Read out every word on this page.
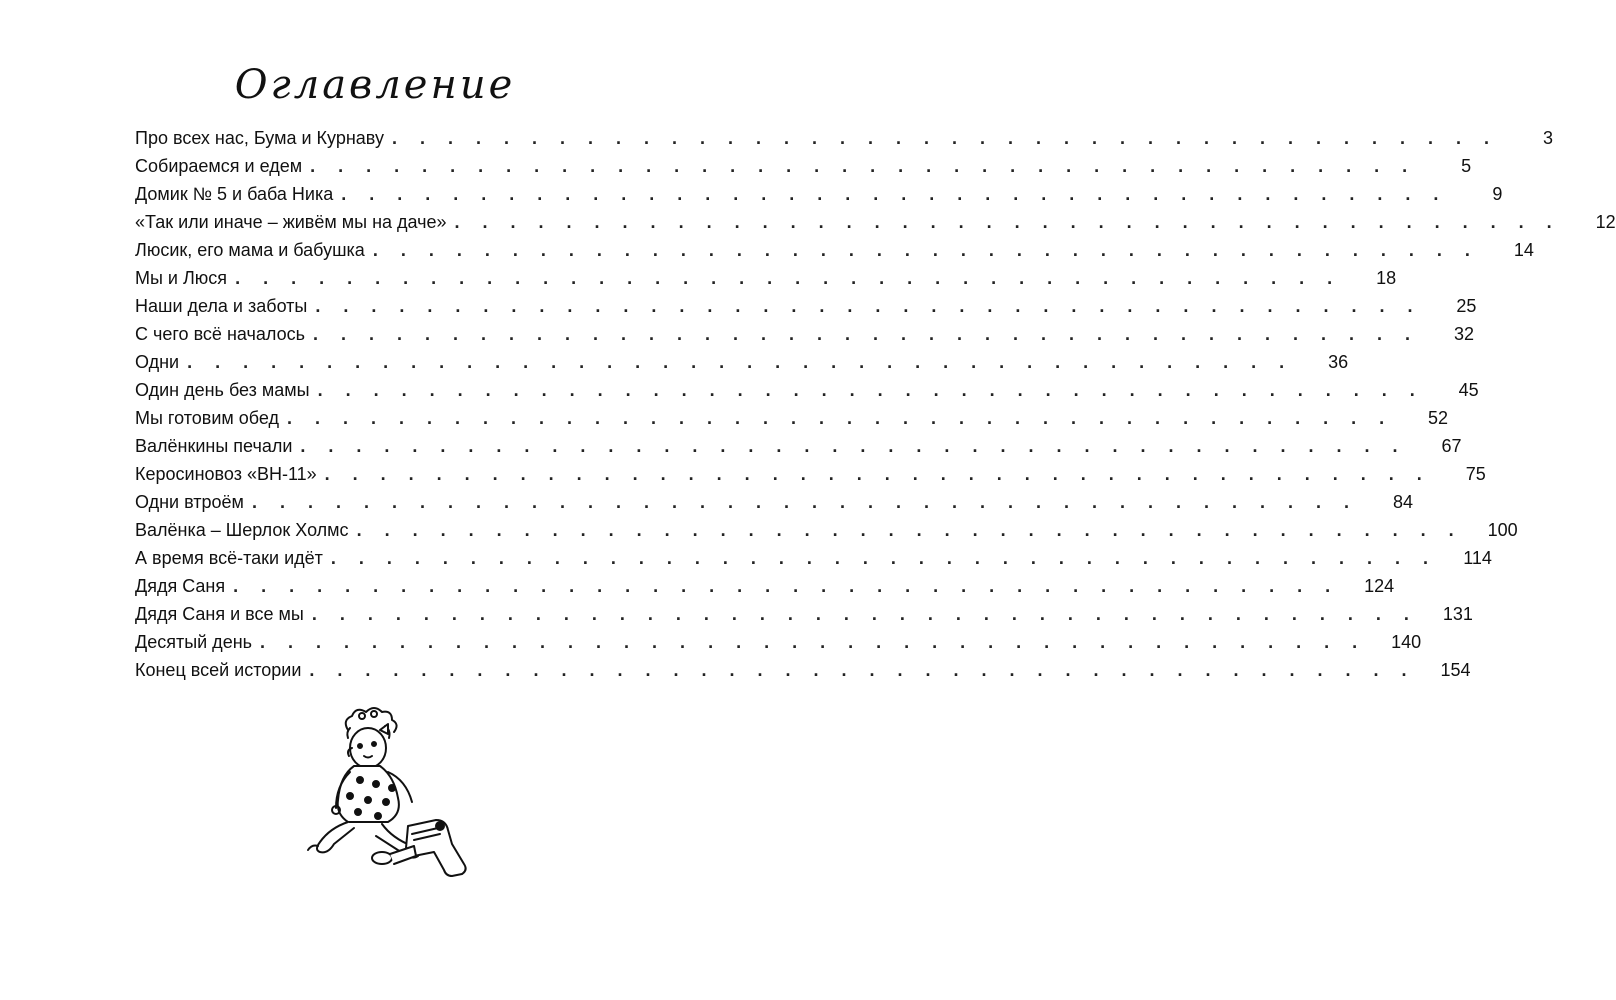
Оглавление
Про всех нас, Бума и Курнаву . . . . . . . . . . . . . . . . . . . . . . . . . . . . . . . . . . . . . . . .	3
Собираемся и едем . . . . . . . . . . . . . . . . . . . . . . . . . . . . . . . . . . . . . . . .	5
Домик № 5 и баба Ника . . . . . . . . . . . . . . . . . . . . . . . . . . . . . . . . . . . . . . . .	9
«Так или иначе – живём мы на даче» . . . . . . . . . . . . . . . . . . . . . . . . . . . . . . . . . . . . . . . .	12
Люсик, его мама и бабушка . . . . . . . . . . . . . . . . . . . . . . . . . . . . . . . . . . . . . . . .	14
Мы и Люся . . . . . . . . . . . . . . . . . . . . . . . . . . . . . . . . . . . . . . . .	18
Наши дела и заботы . . . . . . . . . . . . . . . . . . . . . . . . . . . . . . . . . . . . . . . .	25
С чего всё началось . . . . . . . . . . . . . . . . . . . . . . . . . . . . . . . . . . . . . . . .	32
Одни . . . . . . . . . . . . . . . . . . . . . . . . . . . . . . . . . . . . . . . .	36
Один день без мамы . . . . . . . . . . . . . . . . . . . . . . . . . . . . . . . . . . . . . . . .	45
Мы готовим обед . . . . . . . . . . . . . . . . . . . . . . . . . . . . . . . . . . . . . . . .	52
Валёнкины печали . . . . . . . . . . . . . . . . . . . . . . . . . . . . . . . . . . . . . . . .	67
Керосиновоз «ВН-11» . . . . . . . . . . . . . . . . . . . . . . . . . . . . . . . . . . . . . . . .	75
Одни втроём . . . . . . . . . . . . . . . . . . . . . . . . . . . . . . . . . . . . . . . .	84
Валёнка – Шерлок Холмс . . . . . . . . . . . . . . . . . . . . . . . . . . . . . . . . . . . . . . . .	100
А время всё-таки идёт . . . . . . . . . . . . . . . . . . . . . . . . . . . . . . . . . . . . . . . .	114
Дядя Саня . . . . . . . . . . . . . . . . . . . . . . . . . . . . . . . . . . . . . . . .	124
Дядя Саня и все мы . . . . . . . . . . . . . . . . . . . . . . . . . . . . . . . . . . . . . . . .	131
Десятый день . . . . . . . . . . . . . . . . . . . . . . . . . . . . . . . . . . . . . . . .	140
Конец всей истории . . . . . . . . . . . . . . . . . . . . . . . . . . . . . . . . . . . . . . . .	154
